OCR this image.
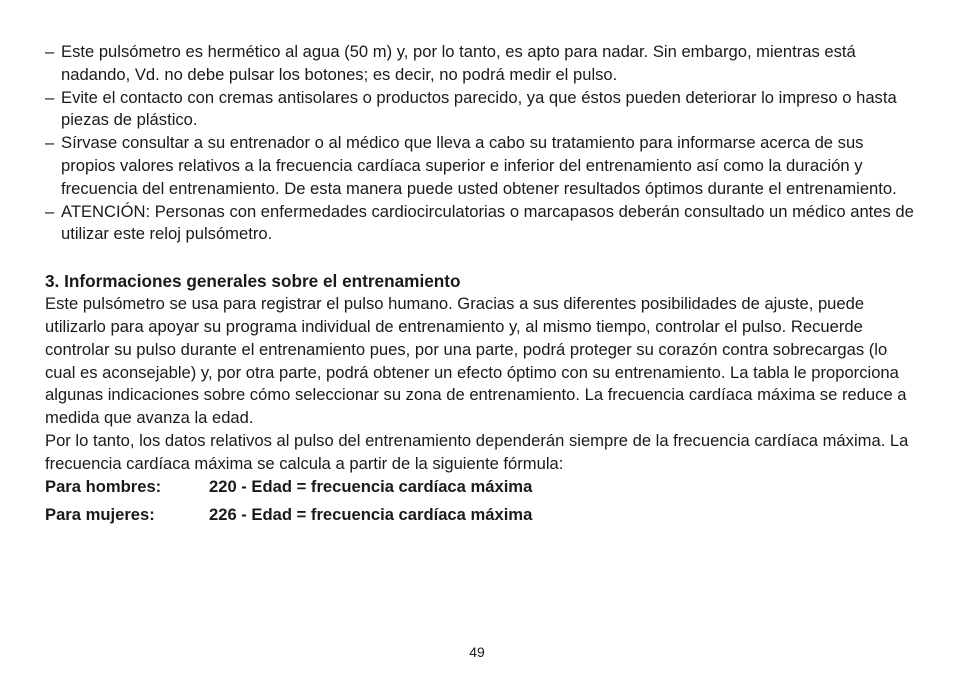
– Este pulsómetro es hermético al agua (50 m) y, por lo tanto, es apto para nadar. Sin embargo, mientras está nadando, Vd. no debe pulsar los botones; es decir, no podrá medir el pulso.
– Evite el contacto con cremas antisolares o productos parecido, ya que éstos pueden deteriorar lo impreso o hasta piezas de plástico.
– Sírvase consultar a su entrenador o al médico que lleva a cabo su tratamiento para informarse acerca de sus propios valores relativos a la frecuencia cardíaca superior e inferior del entrenamiento así como la duración y frecuencia del entrenamiento. De esta manera puede usted obtener resultados óptimos durante el entrenamiento.
– ATENCIÓN: Personas con enfermedades cardiocirculatorias o marcapasos deberán consultado un médico antes de utilizar este reloj pulsómetro.
3. Informaciones generales sobre el entrenamiento

Este pulsómetro se usa para registrar el pulso humano. Gracias a sus diferentes posibilidades de ajuste, puede utilizarlo para apoyar su programa individual de entrenamiento y, al mismo tiempo, controlar el pulso. Recuerde controlar su pulso durante el entrenamiento pues, por una parte, podrá proteger su corazón contra sobrecargas (lo cual es aconsejable) y, por otra parte, podrá obtener un efecto óptimo con su entrenamiento. La tabla le proporciona algunas indicaciones sobre cómo seleccionar su zona de entrenamiento. La frecuencia cardíaca máxima se reduce a medida que avanza la edad.

Por lo tanto, los datos relativos al pulso del entrenamiento dependerán siempre de la frecuencia cardíaca máxima. La frecuencia cardíaca máxima se calcula a partir de la siguiente fórmula:

Para hombres:	220 - Edad = frecuencia cardíaca máxima
Para mujeres:	226 - Edad = frecuencia cardíaca máxima
49
